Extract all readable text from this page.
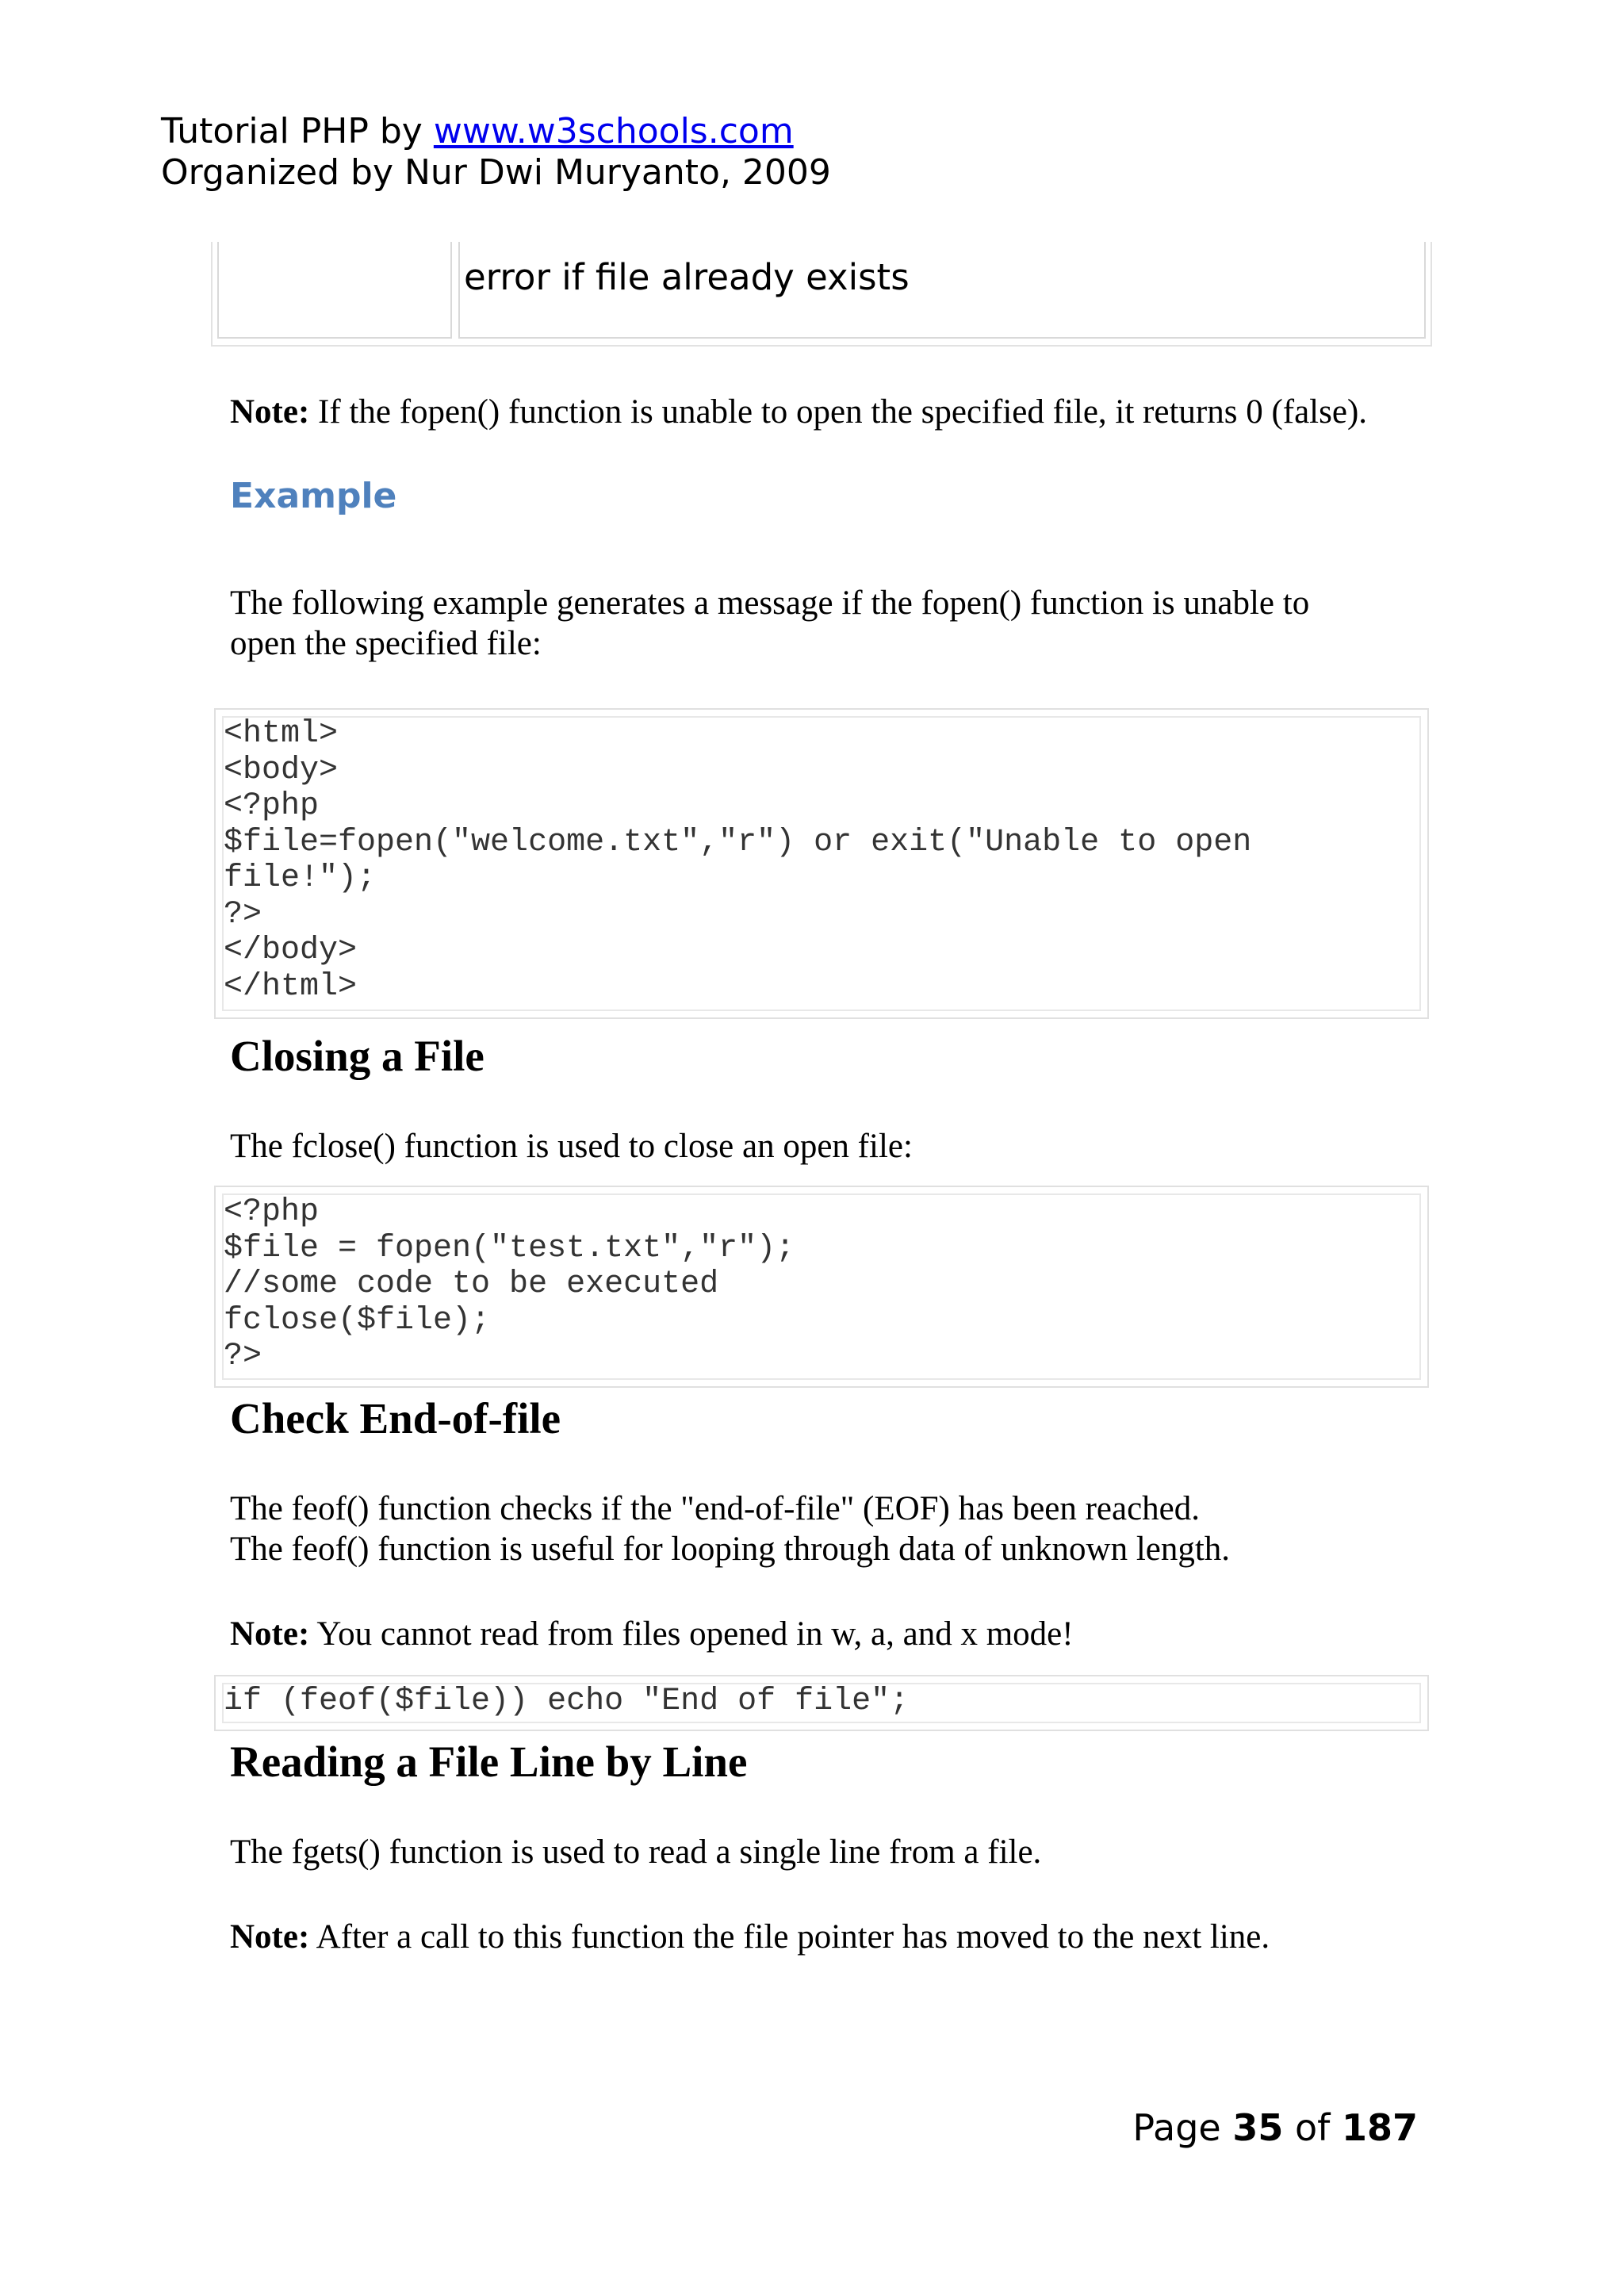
Tutorial PHP by www.w3schools.com
Organized by Nur Dwi Muryanto, 2009
error if file already exists
Note: If the fopen() function is unable to open the specified file, it returns 0 (false).
Example
The following example generates a message if the fopen() function is unable to open the specified file:
<html>
<body>
<?php
$file=fopen("welcome.txt","r") or exit("Unable to open
file!");
?>
</body>
</html>
Closing a File
The fclose() function is used to close an open file:
<?php
$file = fopen("test.txt","r");
//some code to be executed
fclose($file);
?>
Check End-of-file
The feof() function checks if the "end-of-file" (EOF) has been reached.
The feof() function is useful for looping through data of unknown length.
Note: You cannot read from files opened in w, a, and x mode!
if (feof($file)) echo "End of file";
Reading a File Line by Line
The fgets() function is used to read a single line from a file.
Note: After a call to this function the file pointer has moved to the next line.
Page 35 of 187
